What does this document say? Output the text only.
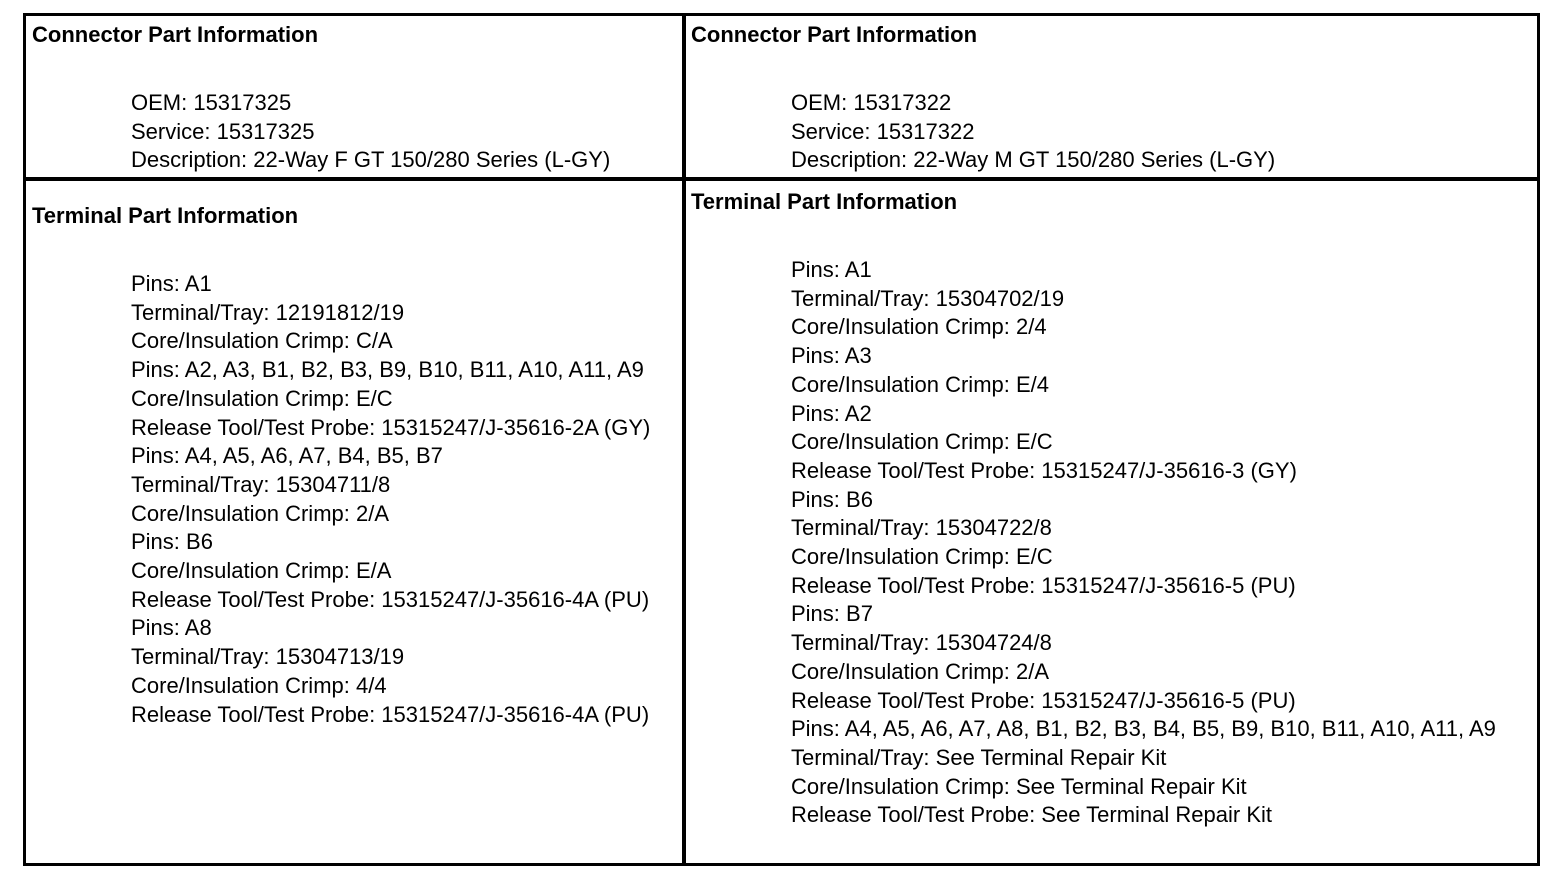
Connector Part Information
OEM: 15317325
Service: 15317325
Description: 22-Way F GT 150/280 Series (L-GY)
Terminal Part Information
Pins: A1
Terminal/Tray: 12191812/19
Core/Insulation Crimp: C/A
Pins: A2, A3, B1, B2, B3, B9, B10, B11, A10, A11, A9
Core/Insulation Crimp: E/C
Release Tool/Test Probe: 15315247/J-35616-2A (GY)
Pins: A4, A5, A6, A7, B4, B5, B7
Terminal/Tray: 15304711/8
Core/Insulation Crimp: 2/A
Pins: B6
Core/Insulation Crimp: E/A
Release Tool/Test Probe: 15315247/J-35616-4A (PU)
Pins: A8
Terminal/Tray: 15304713/19
Core/Insulation Crimp: 4/4
Release Tool/Test Probe: 15315247/J-35616-4A (PU)
Connector Part Information
OEM: 15317322
Service: 15317322
Description: 22-Way M GT 150/280 Series (L-GY)
Terminal Part Information
Pins: A1
Terminal/Tray: 15304702/19
Core/Insulation Crimp: 2/4
Pins: A3
Core/Insulation Crimp: E/4
Pins: A2
Core/Insulation Crimp: E/C
Release Tool/Test Probe: 15315247/J-35616-3 (GY)
Pins: B6
Terminal/Tray: 15304722/8
Core/Insulation Crimp: E/C
Release Tool/Test Probe: 15315247/J-35616-5 (PU)
Pins: B7
Terminal/Tray: 15304724/8
Core/Insulation Crimp: 2/A
Release Tool/Test Probe: 15315247/J-35616-5 (PU)
Pins: A4, A5, A6, A7, A8, B1, B2, B3, B4, B5, B9, B10, B11, A10, A11, A9
Terminal/Tray: See Terminal Repair Kit
Core/Insulation Crimp: See Terminal Repair Kit
Release Tool/Test Probe: See Terminal Repair Kit
